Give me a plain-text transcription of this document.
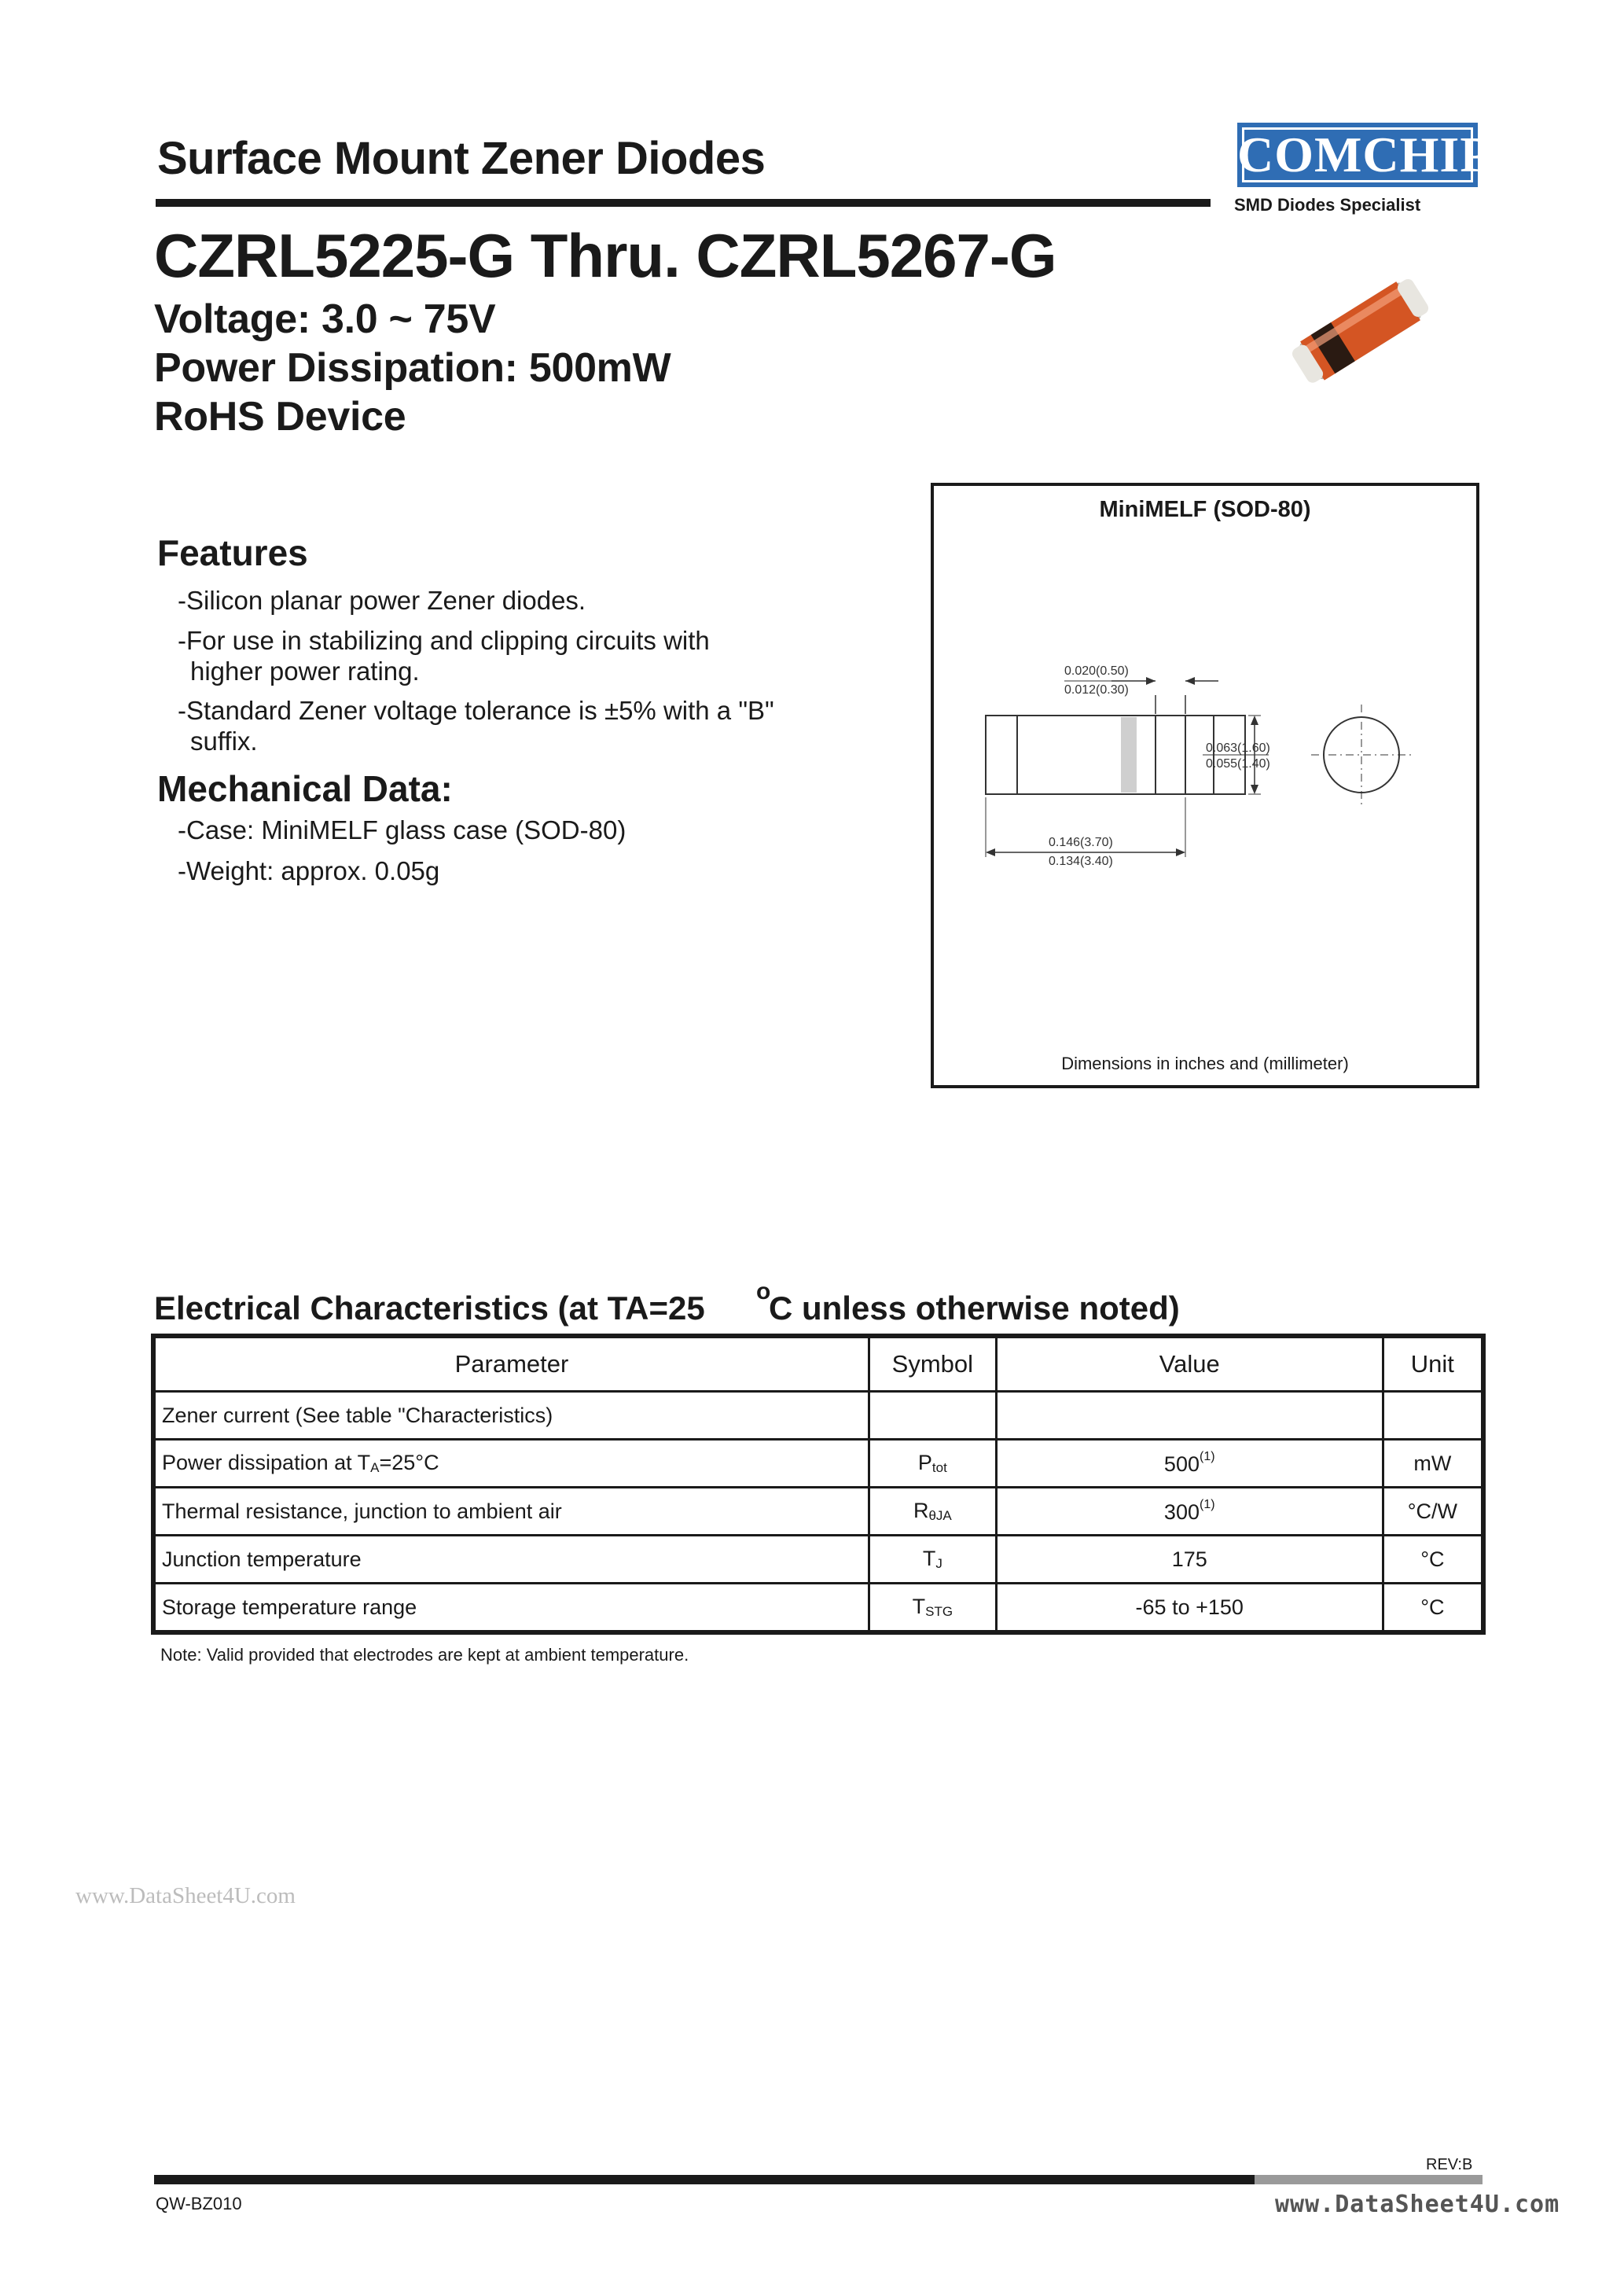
Surface Mount Zener Diodes
CZRL5225-G Thru. CZRL5267-G
Voltage: 3.0 ~ 75V
Power Dissipation: 500mW
RoHS Device
COMCHIP
SMD Diodes Specialist
Features
-Silicon planar power Zener diodes.
-For use in stabilizing and clipping circuits with
higher power rating.
-Standard Zener voltage tolerance is ±5% with a "B"
suffix.
Mechanical Data:
-Case: MiniMELF glass case (SOD-80)
-Weight: approx. 0.05g
MiniMELF (SOD-80)
0.020(0.50)
0.012(0.30)
0.063(1.60)
0.055(1.40)
0.146(3.70)
0.134(3.40)
Dimensions in inches and (millimeter)
Electrical Characteristics (at TA=25 o
C unless otherwise noted)
Parameter	Symbol	Value	Unit
Zener current (See table "Characteristics)			
Power dissipation at TA=25°C	Ptot	500$^{(1)}$	mW
Thermal resistance, junction to ambient air	RθJA	300$^{(1)}$	°C/W
Junction temperature	TJ	175	°C
Storage temperature range	TSTG	-65 to +150	°C
Note: Valid provided that electrodes are kept at ambient temperature.
www.DataSheet4U.com
REV:B
QW-BZ010	www.DataSheet4U.com
